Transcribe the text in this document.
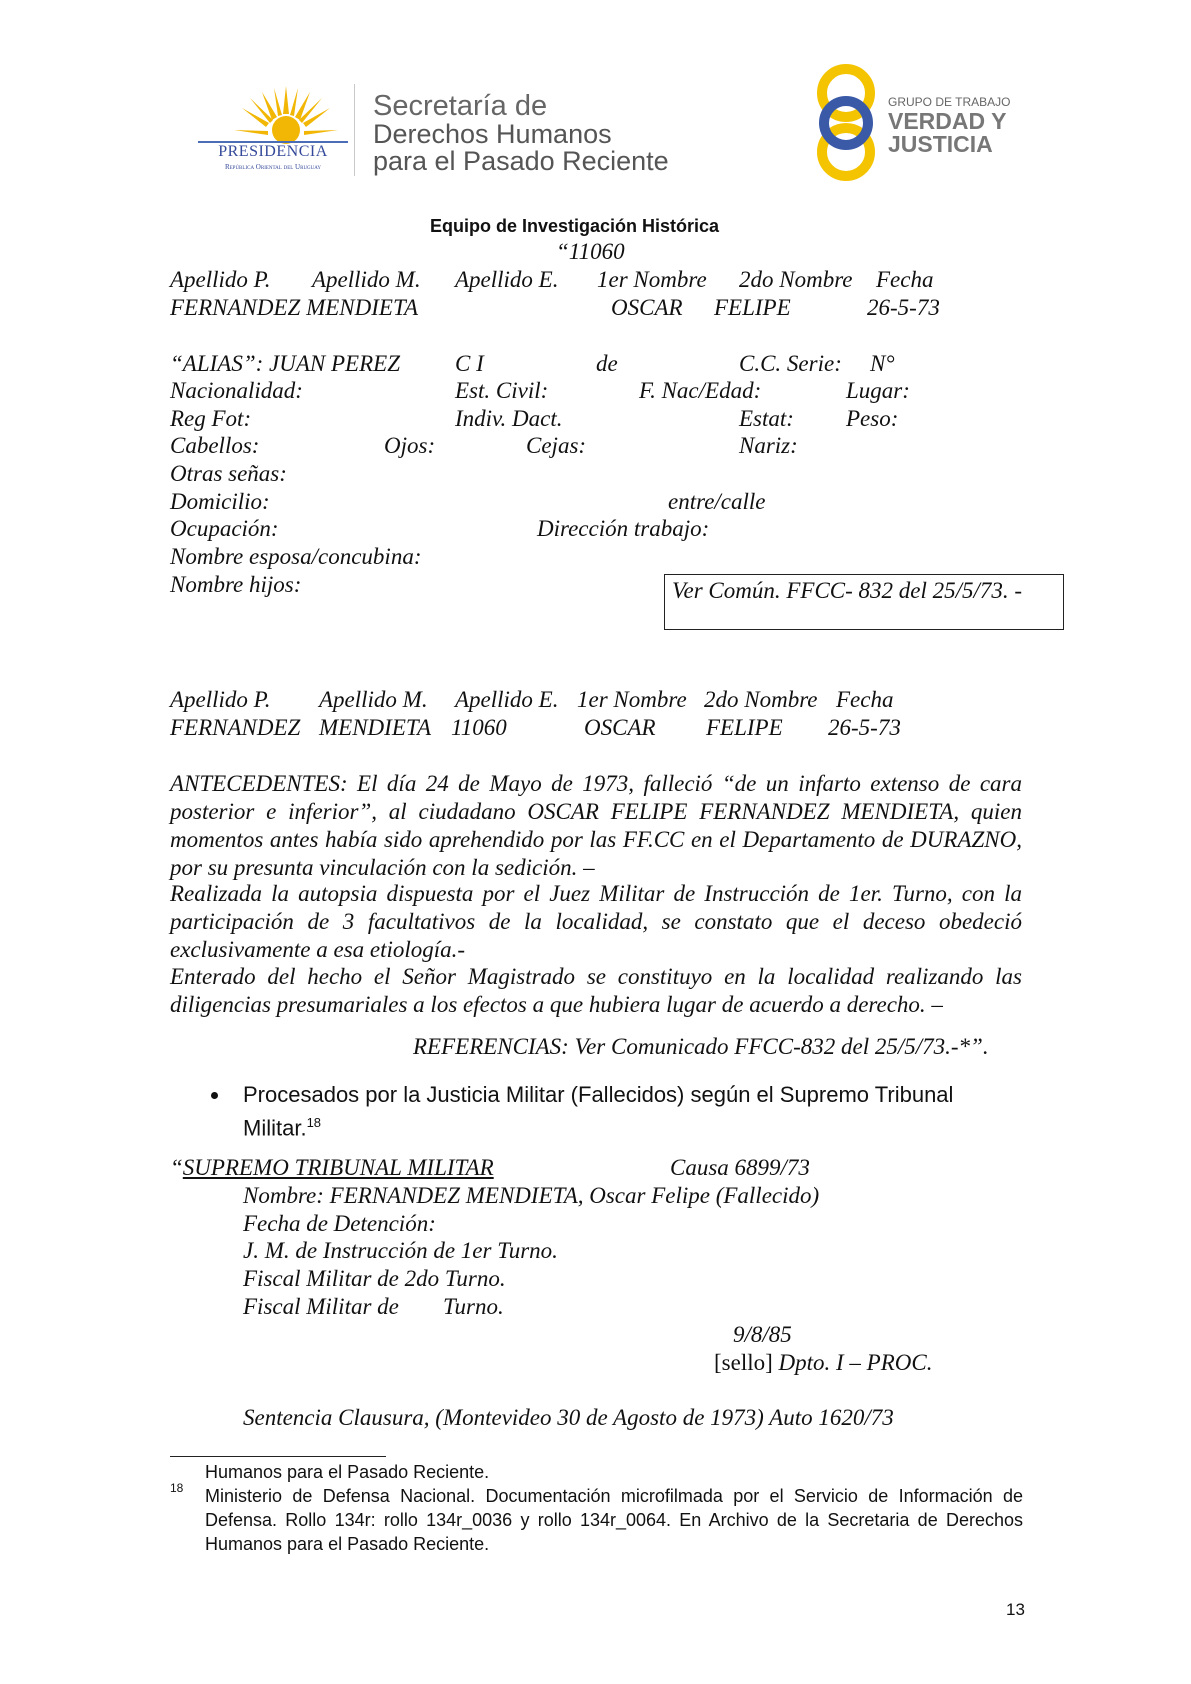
PRESIDENCIA
República Oriental del Uruguay
Secretaría de
Derechos Humanos
para el Pasado Reciente
GRUPO DE TRABAJO
VERDAD Y
JUSTICIA
Equipo de Investigación Histórica
“11060
Apellido P. Apellido M. Apellido E. 1er Nombre 2do Nombre Fecha
FERNANDEZ MENDIETA	OSCAR FELIPE	26-5-73
“ALIAS”: JUAN PEREZ C I	de	C.C. Serie: N°
Nacionalidad:	Est. Civil:	F. Nac/Edad:	Lugar:
Reg Fot:	Indiv. Dact.	Estat: Peso:
Cabellos:	Ojos:	Cejas:	Nariz:
Otras señas:
Domicilio:	entre/calle
Ocupación:	Dirección trabajo:
Nombre esposa/concubina:
Nombre hijos:	Ver Común. FFCC- 832 del 25/5/73. -
Apellido P. Apellido M. Apellido E. 1er Nombre 2do Nombre Fecha
FERNANDEZ MENDIETA 11060	OSCAR FELIPE 26-5-73
ANTECEDENTES: El día 24 de Mayo de 1973, falleció “de un infarto extenso de cara posterior e inferior”, al ciudadano OSCAR FELIPE FERNANDEZ MENDIETA, quien momentos antes había sido aprehendido por las FF.CC en el Departamento de DURAZNO, por su presunta vinculación con la sedición. –
Realizada la autopsia dispuesta por el Juez Militar de Instrucción de 1er. Turno, con la participación de 3 facultativos de la localidad, se constato que el deceso obedeció exclusivamente a esa etiología.-
Enterado del hecho el Señor Magistrado se constituyo en la localidad realizando las diligencias presumariales a los efectos a que hubiera lugar de acuerdo a derecho. –
REFERENCIAS: Ver Comunicado FFCC-832 del 25/5/73.-*”.
Procesados por la Justicia Militar (Fallecidos) según el Supremo Tribunal Militar.$^{18}$
“SUPREMO TRIBUNAL MILITAR	Causa 6899/73
Nombre: FERNANDEZ MENDIETA, Oscar Felipe (Fallecido)
Fecha de Detención:
J. M. de Instrucción de 1er Turno.
Fiscal Militar de 2do Turno.
Fiscal Militar de Turno.
9/8/85
[sello] Dpto. I – PROC.
Sentencia Clausura, (Montevideo 30 de Agosto de 1973) Auto 1620/73
Humanos para el Pasado Reciente.
18 Ministerio de Defensa Nacional. Documentación microfilmada por el Servicio de Información de Defensa. Rollo 134r: rollo 134r_0036 y rollo 134r_0064. En Archivo de la Secretaria de Derechos Humanos para el Pasado Reciente.
13
